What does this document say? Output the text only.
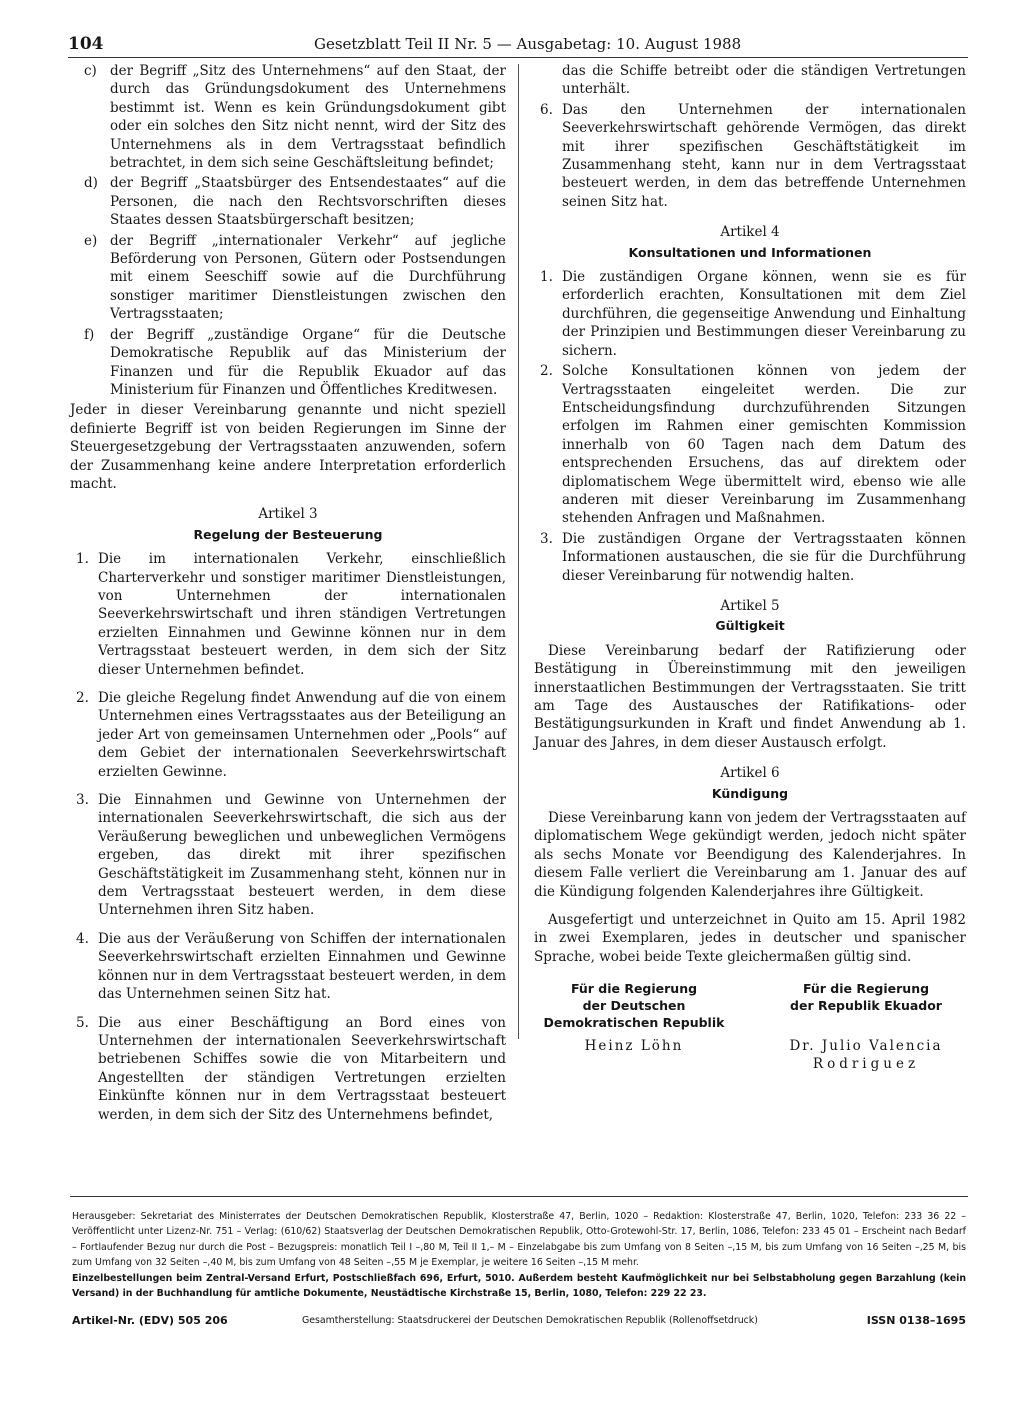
104	Gesetzblatt Teil II Nr. 5 — Ausgabetag: 10. August 1988
c) der Begriff „Sitz des Unternehmens“ auf den Staat, der durch das Gründungsdokument des Unternehmens bestimmt ist. Wenn es kein Gründungsdokument gibt oder ein solches den Sitz nicht nennt, wird der Sitz des Unternehmens als in dem Vertragsstaat befindlich betrachtet, in dem sich seine Geschäftsleitung befindet;
d) der Begriff „Staatsbürger des Entsendestaates“ auf die Personen, die nach den Rechtsvorschriften dieses Staates dessen Staatsbürgerschaft besitzen;
e) der Begriff „internationaler Verkehr“ auf jegliche Beförderung von Personen, Gütern oder Postsendungen mit einem Seeschiff sowie auf die Durchführung sonstiger maritimer Dienstleistungen zwischen den Vertragsstaaten;
f)	der Begriff „zuständige Organe“ für die Deutsche Demokratische Republik auf das Ministerium der Finanzen und für die Republik Ekuador auf das Ministerium für Finanzen und Öffentliches Kreditwesen.

Jeder in dieser Vereinbarung genannte und nicht speziell definierte Begriff ist von beiden Regierungen im Sinne der Steuergesetzgebung der Vertragsstaaten anzuwenden, sofern der Zusammenhang keine andere Interpretation erforderlich macht.

Artikel 3
Regelung der Besteuerung
1. Die im internationalen Verkehr, einschließlich Charterverkehr und sonstiger maritimer Dienstleistungen, von Unternehmen der internationalen Seeverkehrswirtschaft und ihren ständigen Vertretungen erzielten Einnahmen und Gewinne können nur in dem Vertragsstaat besteuert werden, in dem sich der Sitz dieser Unternehmen befindet.
2. Die gleiche Regelung findet Anwendung auf die von einem Unternehmen eines Vertragsstaates aus der Beteiligung an jeder Art von gemeinsamen Unternehmen oder „Pools“ auf dem Gebiet der internationalen Seeverkehrswirtschaft erzielten Gewinne.
3. Die Einnahmen und Gewinne von Unternehmen der internationalen Seeverkehrswirtschaft, die sich aus der Veräußerung beweglichen und unbeweglichen Vermögens ergeben, das direkt mit ihrer spezifischen Geschäftstätigkeit im Zusammenhang steht, können nur in dem Vertragsstaat besteuert werden, in dem diese Unternehmen ihren Sitz haben.
4. Die aus der Veräußerung von Schiffen der internationalen Seeverkehrswirtschaft erzielten Einnahmen und Gewinne können nur in dem Vertragsstaat besteuert werden, in dem das Unternehmen seinen Sitz hat.
5. Die aus einer Beschäftigung an Bord eines von Unternehmen der internationalen Seeverkehrswirtschaft betriebenen Schiffes sowie die von Mitarbeitern und Angestellten der ständigen Vertretungen erzielten Einkünfte können nur in dem Vertragsstaat besteuert werden, in dem sich der Sitz des Unternehmens befindet,
das die Schiffe betreibt oder die ständigen Vertretungen unterhält.
6. Das den Unternehmen der internationalen Seeverkehrswirtschaft gehörende Vermögen, das direkt mit ihrer spezifischen Geschäftstätigkeit im Zusammenhang steht, kann nur in dem Vertragsstaat besteuert werden, in dem das betreffende Unternehmen seinen Sitz hat.
Artikel 4
Konsultationen und Informationen
1. Die zuständigen Organe können, wenn sie es für erforderlich erachten, Konsultationen mit dem Ziel durchführen, die gegenseitige Anwendung und Einhaltung der Prinzipien und Bestimmungen dieser Vereinbarung zu sichern.
2. Solche Konsultationen können von jedem der Vertragsstaaten eingeleitet werden. Die zur Entscheidungsfindung durchzuführenden Sitzungen erfolgen im Rahmen einer gemischten Kommission innerhalb von 60 Tagen nach dem Datum des entsprechenden Ersuchens, das auf direktem oder diplomatischem Wege übermittelt wird, ebenso wie alle anderen mit dieser Vereinbarung im Zusammenhang stehenden Anfragen und Maßnahmen.
3. Die zuständigen Organe der Vertragsstaaten können Informationen austauschen, die sie für die Durchführung dieser Vereinbarung für notwendig halten.
Artikel 5
Gültigkeit

Diese Vereinbarung bedarf der Ratifizierung oder Bestätigung in Übereinstimmung mit den jeweiligen innerstaatlichen Bestimmungen der Vertragsstaaten. Sie tritt am Tage des Austausches der Ratifikations- oder Bestätigungsurkunden in Kraft und findet Anwendung ab 1. Januar des Jahres, in dem dieser Austausch erfolgt.

Artikel 6
Kündigung

Diese Vereinbarung kann von jedem der Vertragsstaaten auf diplomatischem Wege gekündigt werden, jedoch nicht später als sechs Monate vor Beendigung des Kalenderjahres. In diesem Falle verliert die Vereinbarung am 1. Januar des auf die Kündigung folgenden Kalenderjahres ihre Gültigkeit.

Ausgefertigt und unterzeichnet in Quito am 15. April 1982 in zwei Exemplaren, jedes in deutscher und spanischer Sprache, wobei beide Texte gleichermaßen gültig sind.

Für die Regierung
der Deutschen
Demokratischen Republik
Heinz Löhn
Für die Regierung
der Republik Ekuador
Dr. Julio Valencia
Rodriguez

Herausgeber: Sekretariat des Ministerrates der Deutschen Demokratischen Republik, Klosterstraße 47, Berlin, 1020 – Redaktion: Klosterstraße 47, Berlin, 1020, Telefon: 233 36 22 – Veröffentlicht unter Lizenz-Nr. 751 – Verlag: (610/62) Staatsverlag der Deutschen Demokratischen Republik, Otto-Grotewohl-Str. 17, Berlin, 1086, Telefon: 233 45 01 – Erscheint nach Bedarf – Fortlaufender Bezug nur durch die Post – Bezugspreis: monatlich Teil I –,80 M, Teil II 1,– M – Einzelabgabe bis zum Umfang von 8 Seiten –,15 M, bis zum Umfang von 16 Seiten –,25 M, bis zum Umfang von 32 Seiten –,40 M, bis zum Umfang von 48 Seiten –,55 M je Exemplar, je weitere 16 Seiten –,15 M mehr.

Einzelbestellungen beim Zentral-Versand Erfurt, Postschließfach 696, Erfurt, 5010. Außerdem besteht Kaufmöglichkeit nur bei Selbstabholung gegen Barzahlung (kein Versand) in der Buchhandlung für amtliche Dokumente, Neustädtische Kirchstraße 15, Berlin, 1080, Telefon: 229 22 23.

Artikel-Nr. (EDV) 505 206	Gesamtherstellung: Staatsdruckerei der Deutschen Demokratischen Republik (Rollenoffsetdruck)	ISSN 0138–1695
